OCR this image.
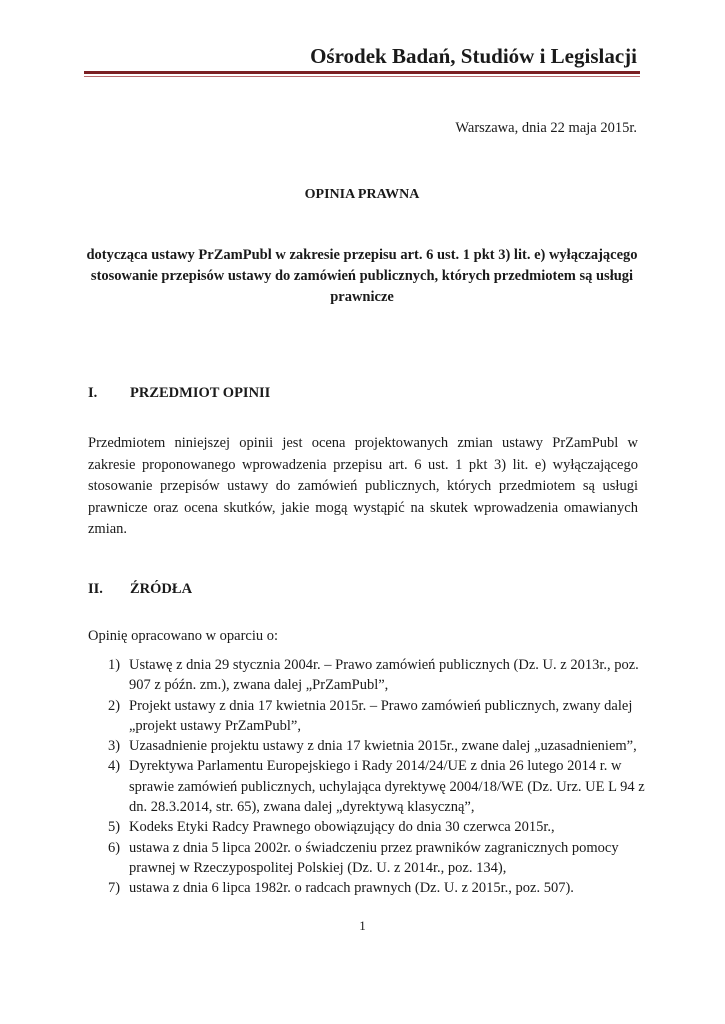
Ośrodek Badań, Studiów i Legislacji
Warszawa, dnia 22 maja 2015r.
OPINIA PRAWNA
dotycząca ustawy PrZamPubl w zakresie przepisu art. 6 ust. 1 pkt 3) lit. e) wyłączającego stosowanie przepisów ustawy do zamówień publicznych, których przedmiotem są usługi prawnicze
I. PRZEDMIOT OPINII
Przedmiotem niniejszej opinii jest ocena projektowanych zmian ustawy PrZamPubl w zakresie proponowanego wprowadzenia przepisu art. 6 ust. 1 pkt 3) lit. e) wyłączającego stosowanie przepisów ustawy do zamówień publicznych, których przedmiotem są usługi prawnicze oraz ocena skutków, jakie mogą wystąpić na skutek wprowadzenia omawianych zmian.
II. ŹRÓDŁA
Opinię opracowano w oparciu o:
1) Ustawę z dnia 29 stycznia 2004r. – Prawo zamówień publicznych (Dz. U. z 2013r., poz. 907 z późn. zm.), zwana dalej „PrZamPubl”,
2) Projekt ustawy z dnia 17 kwietnia 2015r. – Prawo zamówień publicznych, zwany dalej „projekt ustawy PrZamPubl”,
3) Uzasadnienie projektu ustawy z dnia 17 kwietnia 2015r., zwane dalej „uzasadnieniem”,
4) Dyrektywa Parlamentu Europejskiego i Rady 2014/24/UE z dnia 26 lutego 2014 r. w sprawie zamówień publicznych, uchylająca dyrektywę 2004/18/WE (Dz. Urz. UE L 94 z dn. 28.3.2014, str. 65), zwana dalej „dyrektywą klasyczną”,
5) Kodeks Etyki Radcy Prawnego obowiązujący do dnia 30 czerwca 2015r.,
6) ustawa z dnia 5 lipca 2002r. o świadczeniu przez prawników zagranicznych pomocy prawnej w Rzeczypospolitej Polskiej (Dz. U. z 2014r., poz. 134),
7) ustawa z dnia 6 lipca 1982r. o radcach prawnych (Dz. U. z 2015r., poz. 507).
1
